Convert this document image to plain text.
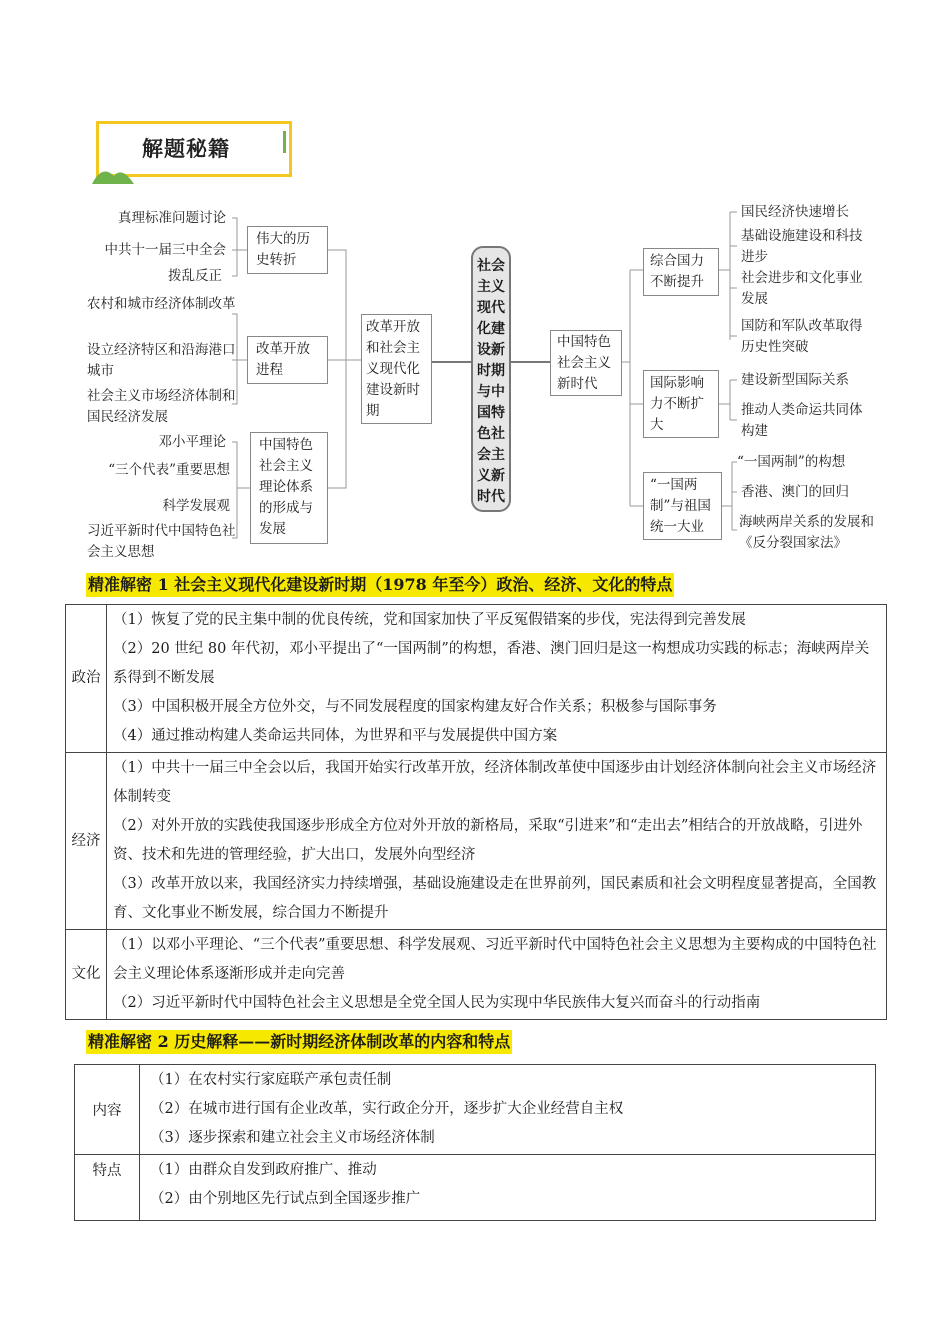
解题秘籍
真理标准问题讨论
中共十一届三中全会
拨乱反正
伟大的历史转折
农村和城市经济体制改革
设立经济特区和沿海港口城市
社会主义市场经济体制和国民经济发展
改革开放进程
邓小平理论
“三个代表”重要思想
科学发展观
习近平新时代中国特色社会主义思想
中国特色社会主义理论体系的形成与发展
改革开放和社会主义现代化建设新时期
社会
主义
现代
化建
设新
时期
与中
国特
色社
会主
义新
时代
中国特色社会主义新时代
综合国力不断提升
国际影响力不断扩大
“一国两制”与祖国统一大业
国民经济快速增长
基础设施建设和科技进步
社会进步和文化事业发展
国防和军队改革取得历史性突破
建设新型国际关系
推动人类命运共同体构建
“一国两制”的构想
香港、澳门的回归
海峡两岸关系的发展和《反分裂国家法》
精准解密 1 社会主义现代化建设新时期（1978 年至今）政治、经济、文化的特点
政治	（1）恢复了党的民主集中制的优良传统，党和国家加快了平反冤假错案的步伐，宪法得到完善发展

（2）20 世纪 80 年代初，邓小平提出了“一国两制”的构想，香港、澳门回归是这一构想成功实践的标志；海峡两岸关系得到不断发展

（3）中国积极开展全方位外交，与不同发展程度的国家构建友好合作关系；积极参与国际事务

（4）通过推动构建人类命运共同体，为世界和平与发展提供中国方案

经济	（1）中共十一届三中全会以后，我国开始实行改革开放，经济体制改革使中国逐步由计划经济体制向社会主义市场经济体制转变

（2）对外开放的实践使我国逐步形成全方位对外开放的新格局，采取“引进来”和“走出去”相结合的开放战略，引进外资、技术和先进的管理经验，扩大出口，发展外向型经济

（3）改革开放以来，我国经济实力持续增强，基础设施建设走在世界前列，国民素质和社会文明程度显著提高，全国教育、文化事业不断发展，综合国力不断提升

文化	（1）以邓小平理论、“三个代表”重要思想、科学发展观、习近平新时代中国特色社会主义思想为主要构成的中国特色社会主义理论体系逐渐形成并走向完善

（2）习近平新时代中国特色社会主义思想是全党全国人民为实现中华民族伟大复兴而奋斗的行动指南

精准解密 2 历史解释——新时期经济体制改革的内容和特点
内容	（1）在农村实行家庭联产承包责任制

（2）在城市进行国有企业改革，实行政企分开，逐步扩大企业经营自主权

（3）逐步探索和建立社会主义市场经济体制

特点	（1）由群众自发到政府推广、推动

（2）由个别地区先行试点到全国逐步推广
